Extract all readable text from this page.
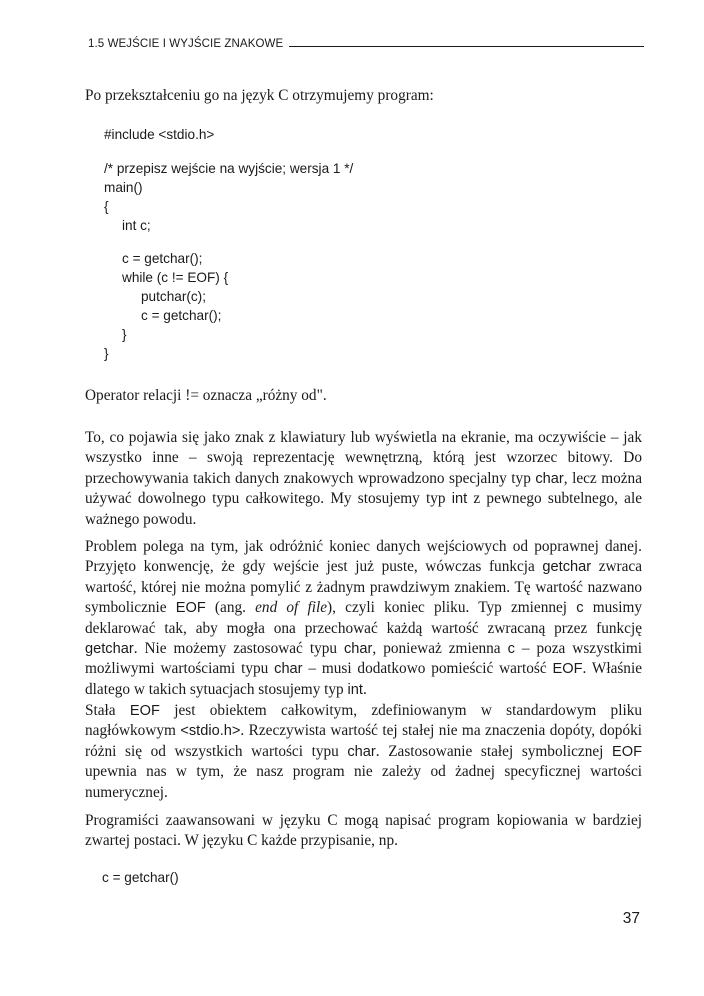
1.5 WEJŚCIE I WYJŚCIE ZNAKOWE
Po przekształceniu go na język C otrzymujemy program:
#include <stdio.h>
/* przepisz wejście na wyjście; wersja 1 */
main()
{
int c;
c = getchar();
while (c != EOF) {
putchar(c);
c = getchar();
}
}
Operator relacji != oznacza „różny od".
To, co pojawia się jako znak z klawiatury lub wyświetla na ekranie, ma oczywiście – jak wszystko inne – swoją reprezentację wewnętrzną, którą jest wzorzec bitowy. Do przechowywania takich danych znakowych wprowadzono specjalny typ char, lecz można używać dowolnego typu całkowitego. My stosujemy typ int z pewnego subtelnego, ale ważnego powodu.
Problem polega na tym, jak odróżnić koniec danych wejściowych od poprawnej danej. Przyjęto konwencję, że gdy wejście jest już puste, wówczas funkcja getchar zwraca wartość, której nie można pomylić z żadnym prawdziwym znakiem. Tę wartość nazwano symbolicznie EOF (ang. end of file), czyli koniec pliku. Typ zmiennej c musimy deklarować tak, aby mogła ona przechować każdą wartość zwracaną przez funkcję getchar. Nie możemy zastosować typu char, ponieważ zmienna c – poza wszystkimi możliwymi wartościami typu char – musi dodatkowo pomieścić wartość EOF. Właśnie dlatego w takich sytuacjach stosujemy typ int.
Stała EOF jest obiektem całkowitym, zdefiniowanym w standardowym pliku nagłówkowym <stdio.h>. Rzeczywista wartość tej stałej nie ma znaczenia dopóty, dopóki różni się od wszystkich wartości typu char. Zastosowanie stałej symbolicznej EOF upewnia nas w tym, że nasz program nie zależy od żadnej specyficznej wartości numerycznej.
Programiści zaawansowani w języku C mogą napisać program kopiowania w bardziej zwartej postaci. W języku C każde przypisanie, np.
c = getchar()
37
